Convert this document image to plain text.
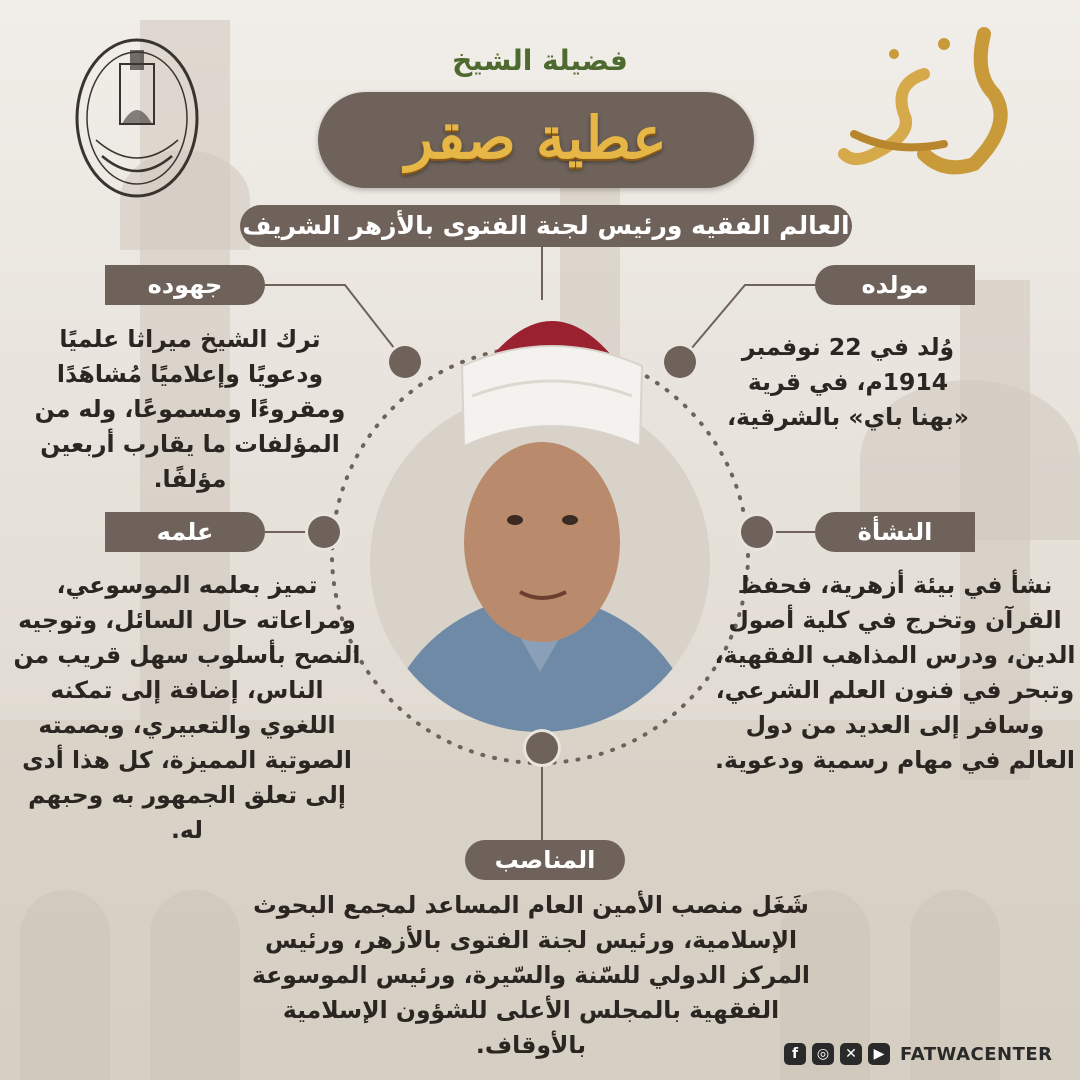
فضيلة الشيخ
عطية صقر
العالم الفقيه ورئيس لجنة الفتوى بالأزهر الشريف
جهوده	مولده
علمه	النشأة
المناصب
ترك الشيخ ميراثا علميًا ودعويًا وإعلاميًا مُشاهَدًا ومقروءًا ومسموعًا، وله من المؤلفات ما يقارب أربعين مؤلفًا.
وُلد في 22 نوفمبر 1914م، في قرية «بهنا باي» بالشرقية،
تميز بعلمه الموسوعي، ومراعاته حال السائل، وتوجيه النصح بأسلوب سهل قريب من الناس، إضافة إلى تمكنه اللغوي والتعبيري، وبصمته الصوتية المميزة، كل هذا أدى إلى تعلق الجمهور به وحبهم له.
نشأ في بيئة أزهرية، فحفظ القرآن وتخرج في كلية أصول الدين، ودرس المذاهب الفقهية، وتبحر في فنون العلم الشرعي، وسافر إلى العديد من دول العالم في مهام رسمية ودعوية.
شَغَل منصب الأمين العام المساعد لمجمع البحوث الإسلامية، ورئيس لجنة الفتوى بالأزهر، ورئيس المركز الدولي للسّنة والسّيرة، ورئيس الموسوعة الفقهية بالمجلس الأعلى للشؤون الإسلامية بالأوقاف.	f	◎	✕	▶ FATWACENTER
